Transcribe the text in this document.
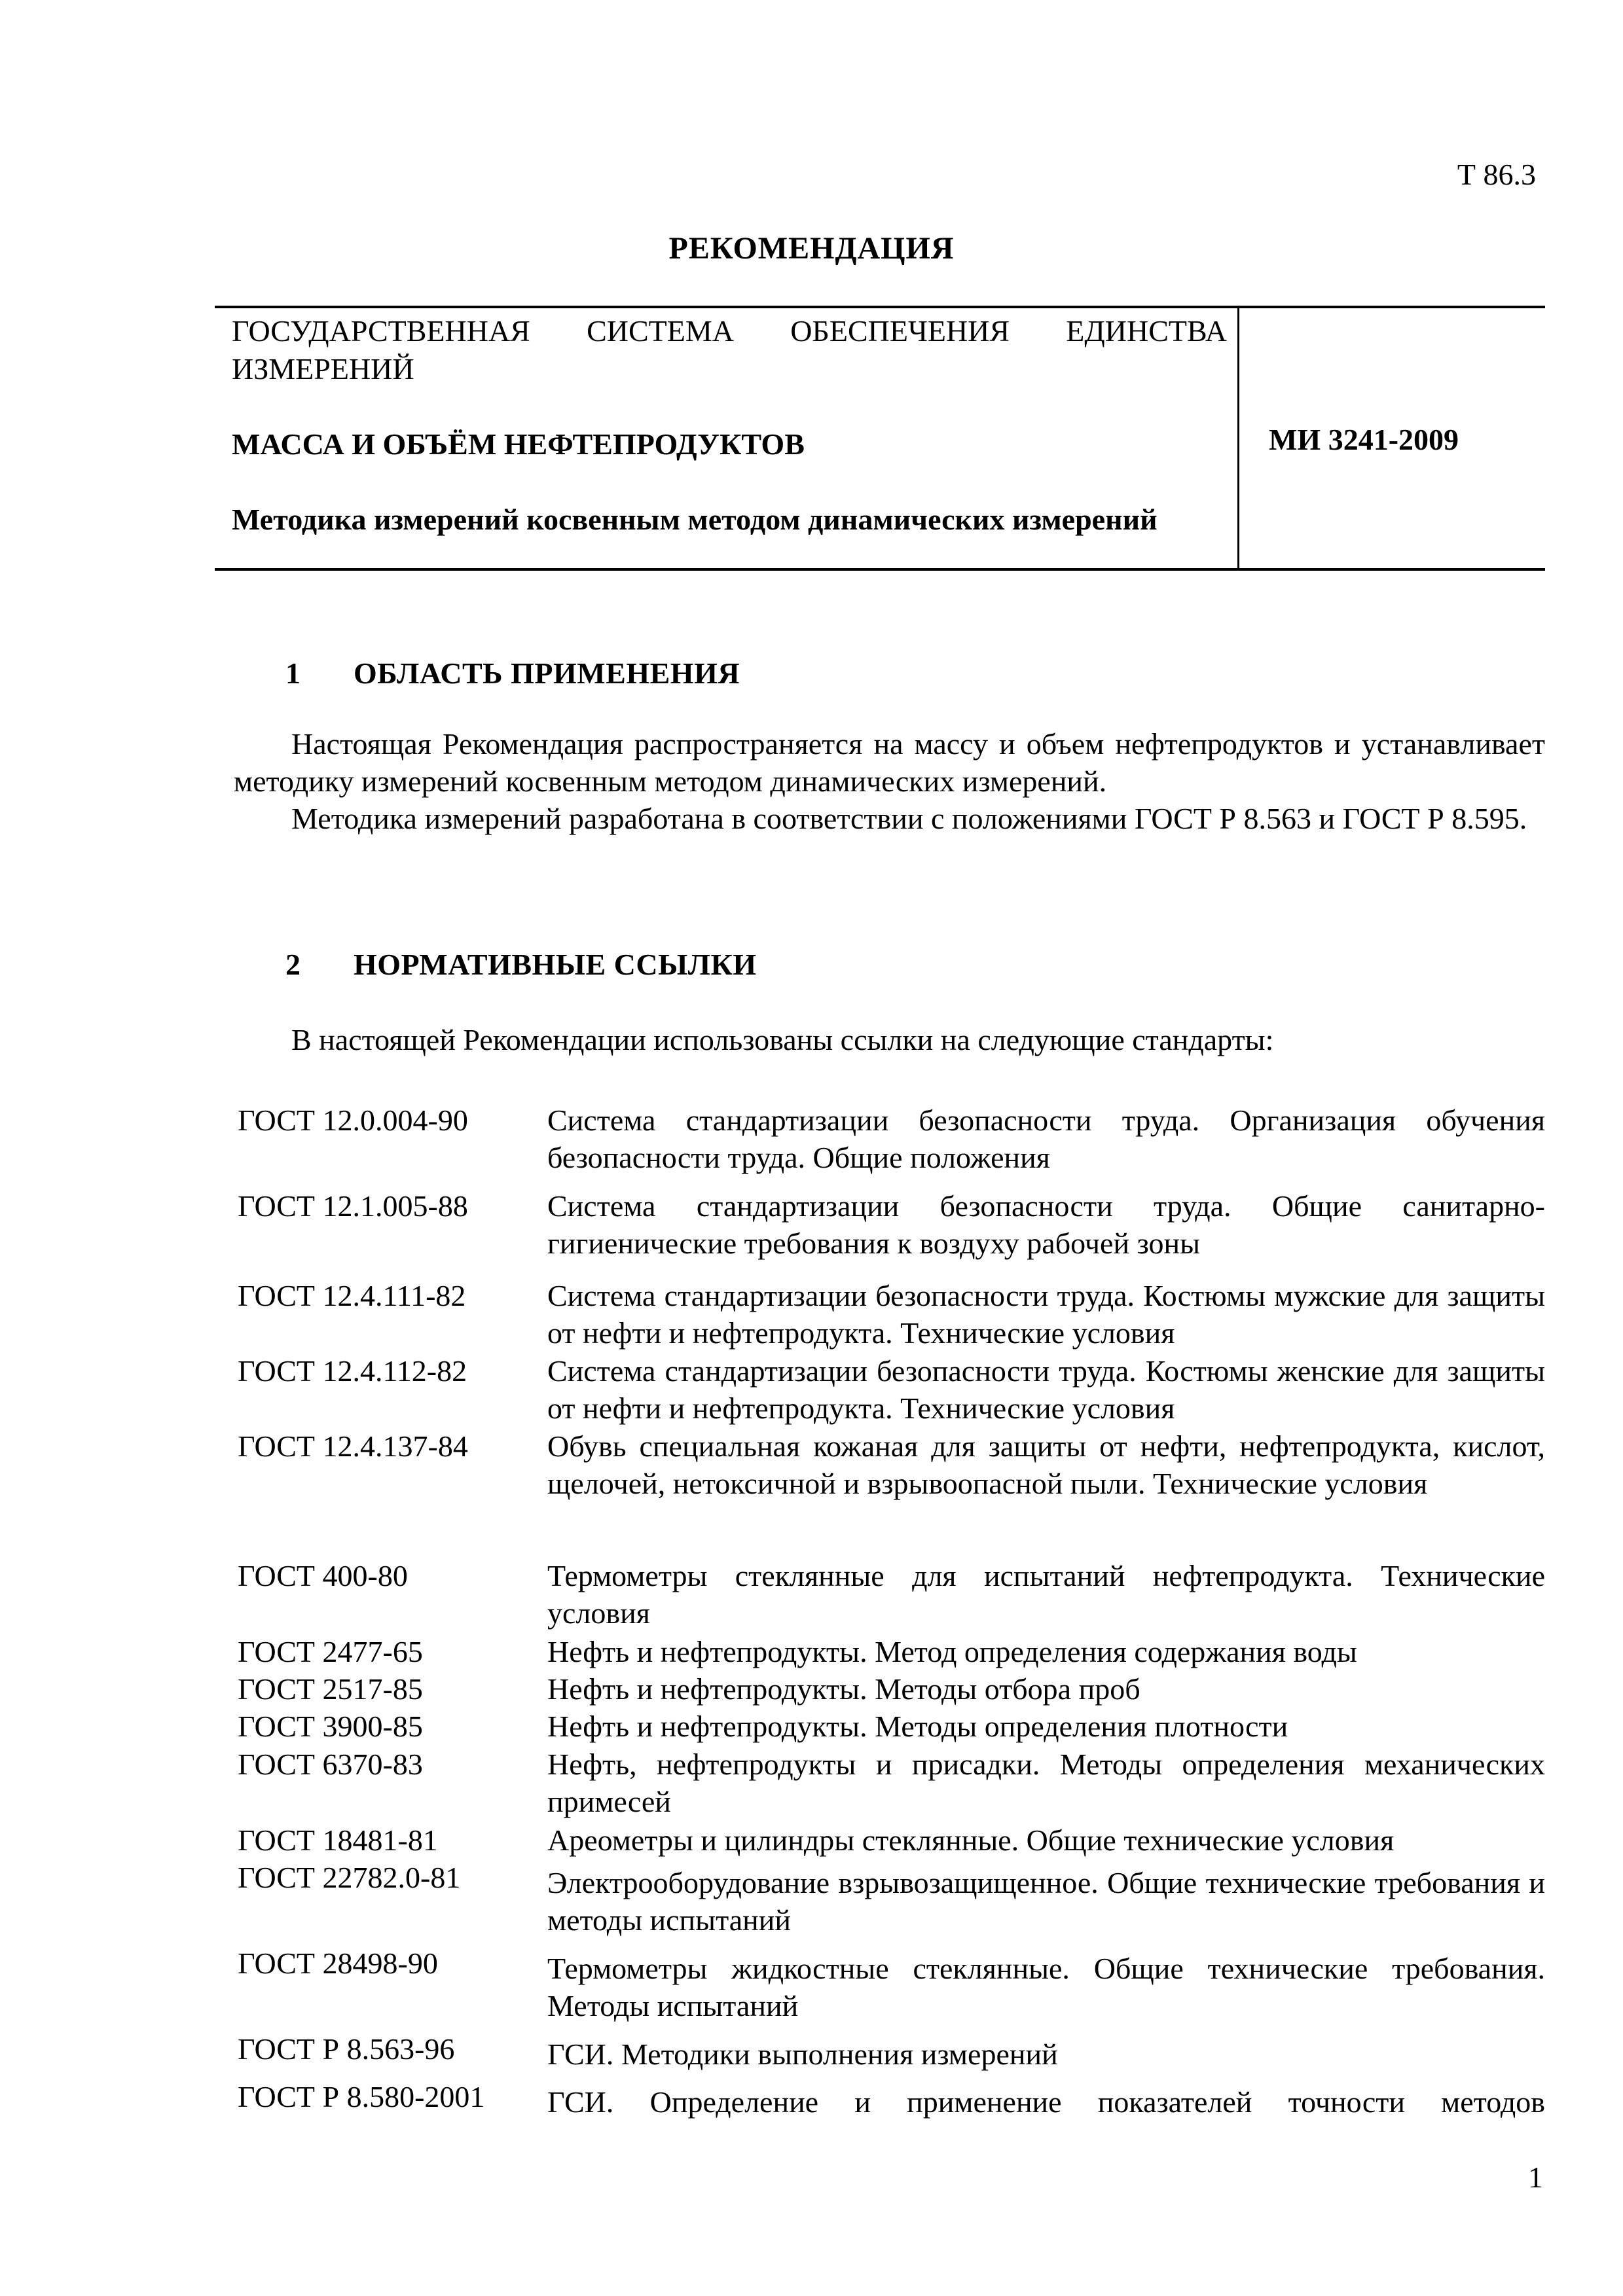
Т 86.3
РЕКОМЕНДАЦИЯ
ГОСУДАРСТВЕННАЯ СИСТЕМА ОБЕСПЕЧЕНИЯ ЕДИНСТВА ИЗМЕРЕНИЙ
МАССА И ОБЪЁМ НЕФТЕПРОДУКТОВ
Методика измерений косвенным методом динамических измерений
МИ 3241-2009
1 ОБЛАСТЬ ПРИМЕНЕНИЯ
Настоящая Рекомендация распространяется на массу и объем нефтепродуктов и устанавливает методику измерений косвенным методом динамических измерений.
Методика измерений разработана в соответствии с положениями ГОСТ Р 8.563 и ГОСТ Р 8.595.
2 НОРМАТИВНЫЕ ССЫЛКИ
В настоящей Рекомендации использованы ссылки на следующие стандарты:
ГОСТ 12.0.004-90	Система стандартизации безопасности труда. Организация обучения безопасности труда. Общие положения
ГОСТ 12.1.005-88	Система стандартизации безопасности труда. Общие санитарно-гигиенические требования к воздуху рабочей зоны
ГОСТ 12.4.111-82	Система стандартизации безопасности труда. Костюмы мужские для защиты от нефти и нефтепродукта. Технические условия
ГОСТ 12.4.112-82	Система стандартизации безопасности труда. Костюмы женские для защиты от нефти и нефтепродукта. Технические условия
ГОСТ 12.4.137-84	Обувь специальная кожаная для защиты от нефти, нефтепродукта, кислот, щелочей, нетоксичной и взрывоопасной пыли. Технические условия
ГОСТ 400-80	Термометры стеклянные для испытаний нефтепродукта. Технические условия
ГОСТ 2477-65	Нефть и нефтепродукты. Метод определения содержания воды
ГОСТ 2517-85	Нефть и нефтепродукты. Методы отбора проб
ГОСТ 3900-85	Нефть и нефтепродукты. Методы определения плотности
ГОСТ 6370-83	Нефть, нефтепродукты и присадки. Методы определения механических примесей
ГОСТ 18481-81	Ареометры и цилиндры стеклянные. Общие технические условия
ГОСТ 22782.0-81	Электрооборудование взрывозащищенное. Общие технические требования и методы испытаний
ГОСТ 28498-90	Термометры жидкостные стеклянные. Общие технические требования. Методы испытаний
ГОСТ Р 8.563-96	ГСИ. Методики выполнения измерений
ГОСТ Р 8.580-2001	ГСИ. Определение и применение показателей точности методов
1
